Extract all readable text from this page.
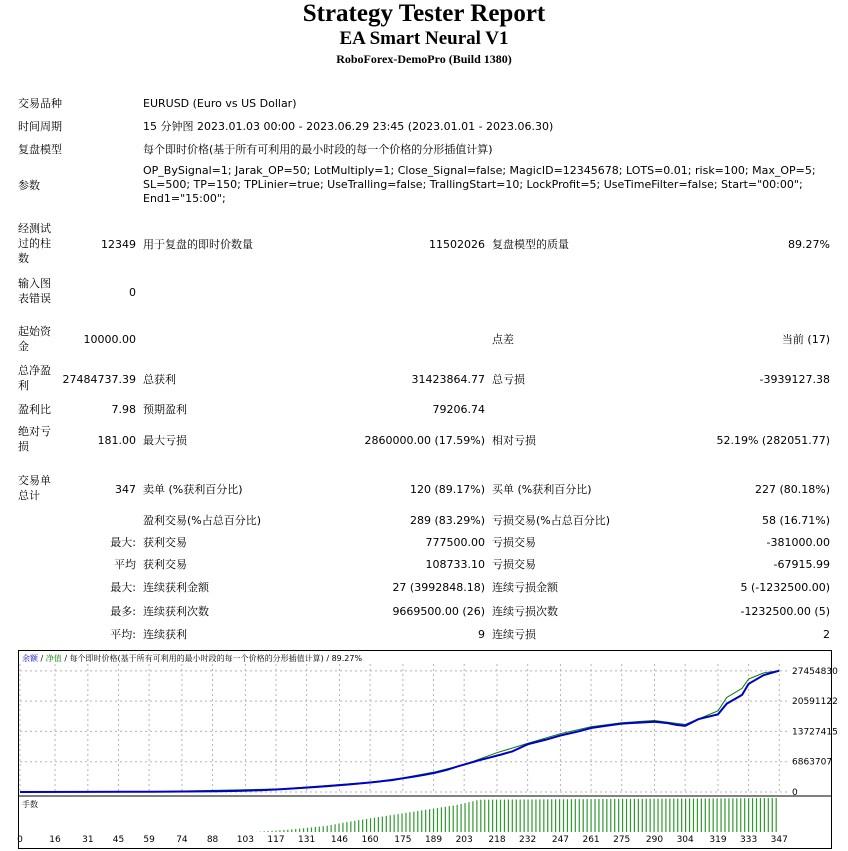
Strategy Tester Report
EA Smart Neural V1
RoboForex-DemoPro (Build 1380)
交易品种	EURUSD (Euro vs US Dollar)
时间周期	15 分钟图 2023.01.03 00:00 - 2023.06.29 23:45 (2023.01.01 - 2023.06.30)
复盘模型	每个即时价格(基于所有可利用的最小时段的每一个价格的分形插值计算)
参数
OP_BySignal=1; Jarak_OP=50; LotMultiply=1; Close_Signal=false; MagicID=12345678; LOTS=0.01; risk=100; Max_OP=5;
SL=500; TP=150; TPLinier=true; UseTralling=false; TrallingStart=10; LockProfit=5; UseTimeFilter=false; Start="00:00";
End1="15:00";
经测试
过的柱
数
12349 用于复盘的即时价数量	11502026 复盘模型的质量	89.27%
输入图
表错误	0
起始资
金
10000.00	点差	当前 (17)
总净盈
利	27484737.39 总获利	31423864.77 总亏损	-3939127.38
盈利比	7.98 预期盈利	79206.74
绝对亏
损	181.00 最大亏损	2860000.00 (17.59%) 相对亏损	52.19% (282051.77)
交易单
总计	347 卖单 (%获利百分比)	120 (89.17%) 买单 (%获利百分比)	227 (80.18%)
盈利交易(%占总百分比)	289 (83.29%) 亏损交易(%占总百分比)	58 (16.71%)
最大: 获利交易	777500.00 亏损交易	-381000.00
平均 获利交易	108733.10 亏损交易	-67915.99
最大: 连续获利金额	27 (3992848.18) 连续亏损金额	5 (-1232500.00)
最多: 连续获利次数	9669500.00 (26) 连续亏损次数	-1232500.00 (5)
平均: 连续获利	9 连续亏损	2
余额 / 净值 / 每个即时价格(基于所有可利用的最小时段的每一个价格的分形插值计算) / 89.27%
27454830
20591122
13727415
6863707
0
手数
0	16 31 45 59 74 88 103 117 131 146 160 175 189 203 218 232 247 261 275 290 304 319 333 347
